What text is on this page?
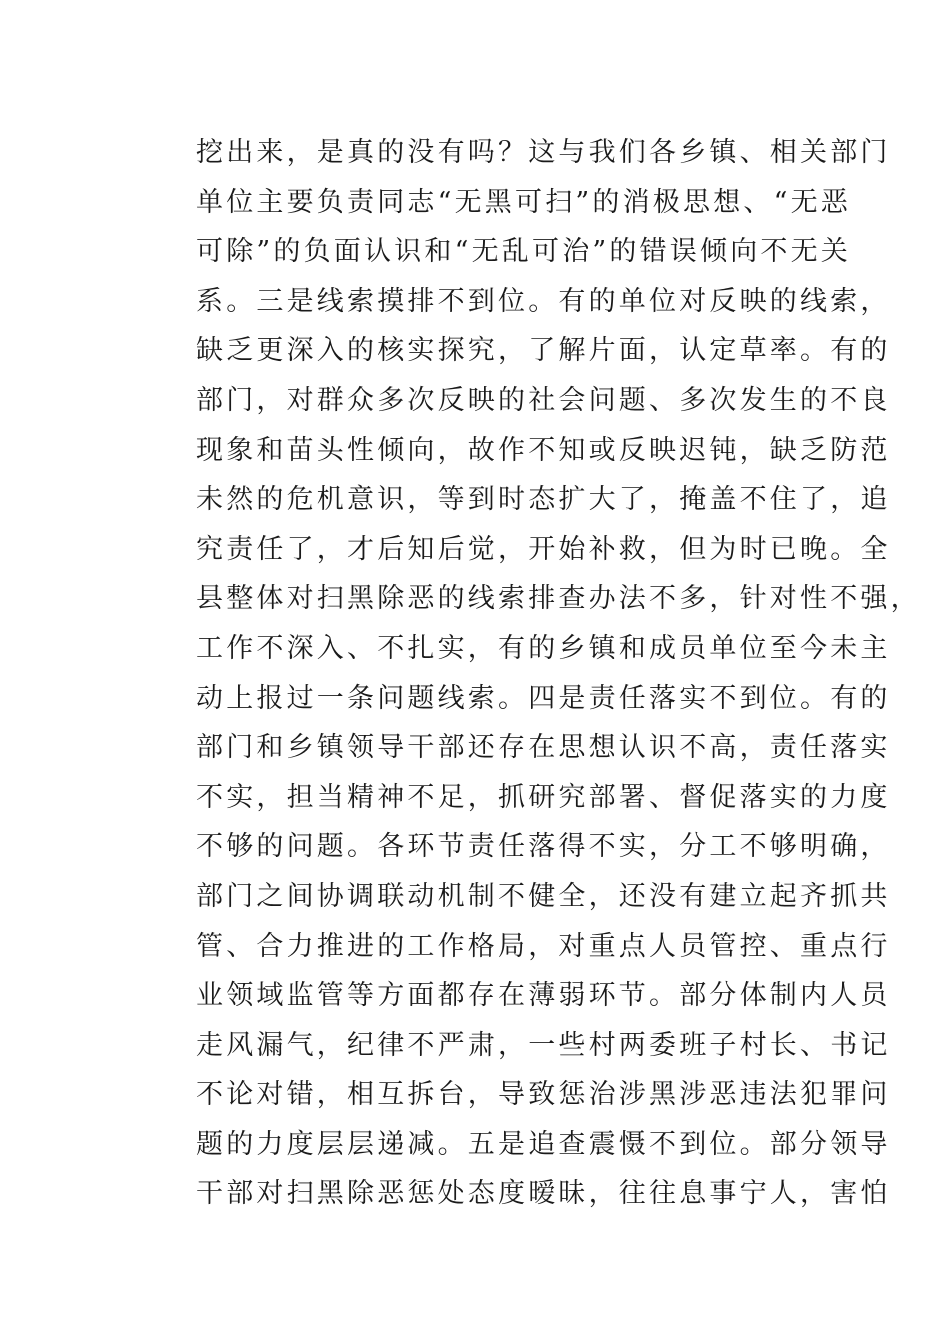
挖出来，是真的没有吗？这与我们各乡镇、相关部门
单位主要负责同志“无黑可扫”的消极思想、“无恶
可除”的负面认识和“无乱可治”的错误倾向不无关
系。三是线索摸排不到位。有的单位对反映的线索，
缺乏更深入的核实探究，了解片面，认定草率。有的
部门，对群众多次反映的社会问题、多次发生的不良
现象和苗头性倾向，故作不知或反映迟钝，缺乏防范
未然的危机意识，等到时态扩大了，掩盖不住了，追
究责任了，才后知后觉，开始补救，但为时已晚。全
县整体对扫黑除恶的线索排查办法不多，针对性不强，
工作不深入、不扎实，有的乡镇和成员单位至今未主
动上报过一条问题线索。四是责任落实不到位。有的
部门和乡镇领导干部还存在思想认识不高，责任落实
不实，担当精神不足，抓研究部署、督促落实的力度
不够的问题。各环节责任落得不实，分工不够明确，
部门之间协调联动机制不健全，还没有建立起齐抓共
管、合力推进的工作格局，对重点人员管控、重点行
业领域监管等方面都存在薄弱环节。部分体制内人员
走风漏气，纪律不严肃，一些村两委班子村长、书记
不论对错，相互拆台，导致惩治涉黑涉恶违法犯罪问
题的力度层层递减。五是追查震慑不到位。部分领导
干部对扫黑除恶惩处态度暧昧，往往息事宁人，害怕
